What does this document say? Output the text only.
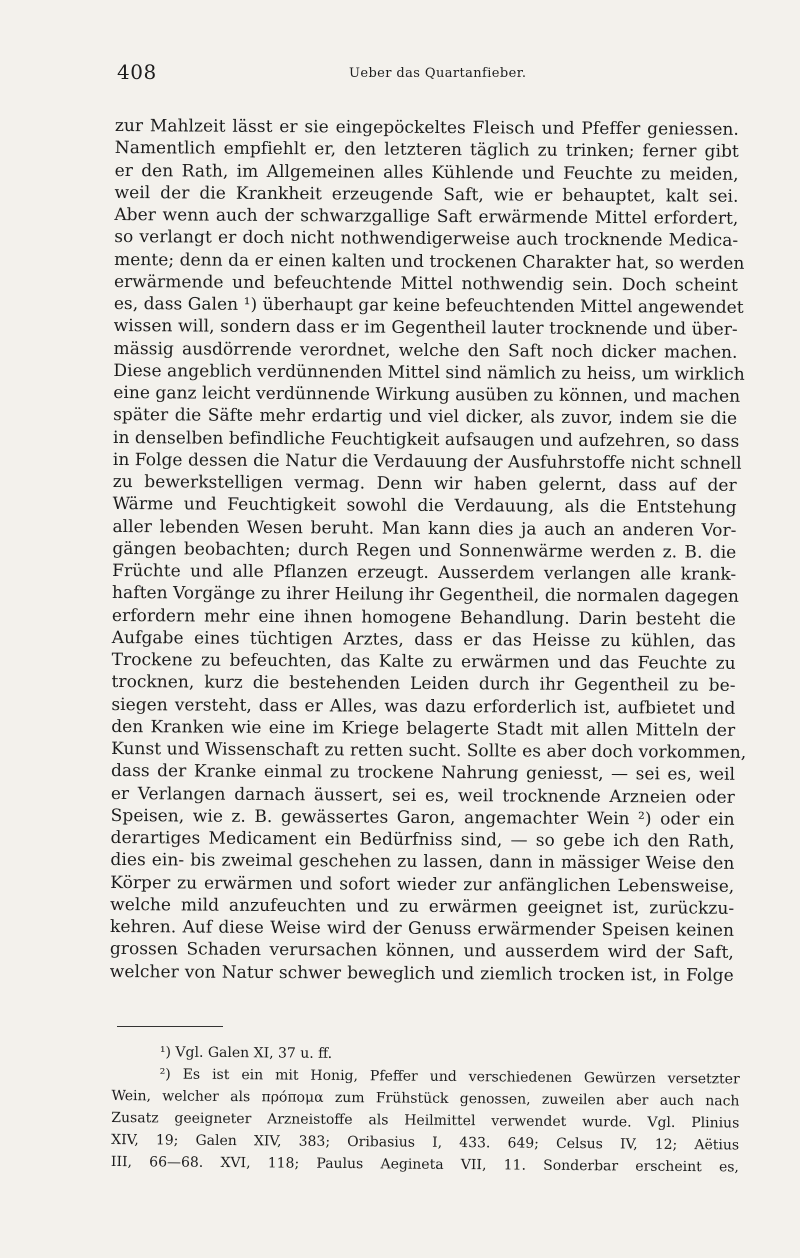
408	Ueber das Quartanfieber.
zur Mahlzeit lässt er sie eingepöckeltes Fleisch und Pfeffer geniessen.
Namentlich empfiehlt er, den letzteren täglich zu trinken; ferner gibt
er den Rath, im Allgemeinen alles Kühlende und Feuchte zu meiden,
weil der die Krankheit erzeugende Saft, wie er behauptet, kalt sei.
Aber wenn auch der schwarzgallige Saft erwärmende Mittel erfordert,
so verlangt er doch nicht nothwendigerweise auch trocknende Medica-
mente; denn da er einen kalten und trockenen Charakter hat, so werden
erwärmende und befeuchtende Mittel nothwendig sein. Doch scheint
es, dass Galen ¹) überhaupt gar keine befeuchtenden Mittel angewendet
wissen will, sondern dass er im Gegentheil lauter trocknende und über-
mässig ausdörrende verordnet, welche den Saft noch dicker machen.
Diese angeblich verdünnenden Mittel sind nämlich zu heiss, um wirklich
eine ganz leicht verdünnende Wirkung ausüben zu können, und machen
später die Säfte mehr erdartig und viel dicker, als zuvor, indem sie die
in denselben befindliche Feuchtigkeit aufsaugen und aufzehren, so dass
in Folge dessen die Natur die Verdauung der Ausfuhrstoffe nicht schnell
zu bewerkstelligen vermag. Denn wir haben gelernt, dass auf der
Wärme und Feuchtigkeit sowohl die Verdauung, als die Entstehung
aller lebenden Wesen beruht. Man kann dies ja auch an anderen Vor-
gängen beobachten; durch Regen und Sonnenwärme werden z. B. die
Früchte und alle Pflanzen erzeugt. Ausserdem verlangen alle krank-
haften Vorgänge zu ihrer Heilung ihr Gegentheil, die normalen dagegen
erfordern mehr eine ihnen homogene Behandlung. Darin besteht die
Aufgabe eines tüchtigen Arztes, dass er das Heisse zu kühlen, das
Trockene zu befeuchten, das Kalte zu erwärmen und das Feuchte zu
trocknen, kurz die bestehenden Leiden durch ihr Gegentheil zu be-
siegen versteht, dass er Alles, was dazu erforderlich ist, aufbietet und
den Kranken wie eine im Kriege belagerte Stadt mit allen Mitteln der
Kunst und Wissenschaft zu retten sucht. Sollte es aber doch vorkommen,
dass der Kranke einmal zu trockene Nahrung geniesst, — sei es, weil
er Verlangen darnach äussert, sei es, weil trocknende Arzneien oder
Speisen, wie z. B. gewässertes Garon, angemachter Wein ²) oder ein
derartiges Medicament ein Bedürfniss sind, — so gebe ich den Rath,
dies ein- bis zweimal geschehen zu lassen, dann in mässiger Weise den
Körper zu erwärmen und sofort wieder zur anfänglichen Lebensweise,
welche mild anzufeuchten und zu erwärmen geeignet ist, zurückzu-
kehren. Auf diese Weise wird der Genuss erwärmender Speisen keinen
grossen Schaden verursachen können, und ausserdem wird der Saft,
welcher von Natur schwer beweglich und ziemlich trocken ist, in Folge
¹) Vgl. Galen XI, 37 u. ff.
²) Es ist ein mit Honig, Pfeffer und verschiedenen Gewürzen versetzter
Wein, welcher als πρόπομα zum Frühstück genossen, zuweilen aber auch nach
Zusatz geeigneter Arzneistoffe als Heilmittel verwendet wurde. Vgl. Plinius
XIV, 19; Galen XIV, 383; Oribasius I, 433. 649; Celsus IV, 12; Aëtius
III, 66—68. XVI, 118; Paulus Aegineta VII, 11. Sonderbar erscheint es,
